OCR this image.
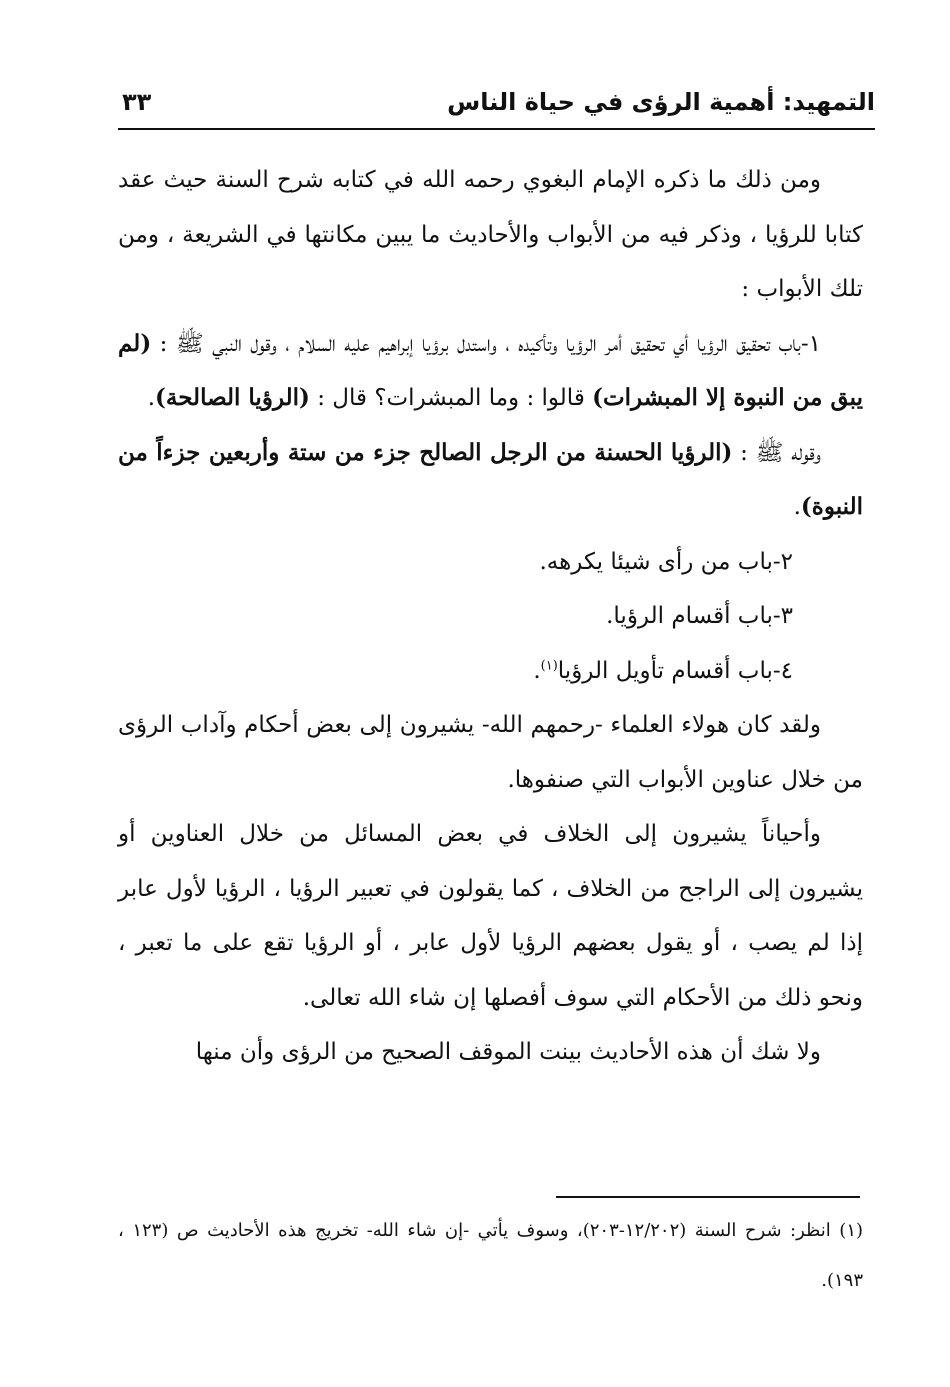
التمهيد: أهمية الرؤى في حياة الناس
٣٣

ومن ذلك ما ذكره الإمام البغوي رحمه الله في كتابه شرح السنة حيث عقد كتابا للرؤيا ، وذكر فيه من الأبواب والأحاديث ما يبين مكانتها في الشريعة ، ومن تلك الأبواب :

١-باب تحقيق الرؤيا أي تحقيق أمر الرؤيا وتأكيده ، واستدل برؤيا إبراهيم عليه السلام ، وقول النبي ﷺ : (لم يبق من النبوة إلا المبشرات) قالوا : وما المبشرات؟ قال : (الرؤيا الصالحة).

وقوله ﷺ : (الرؤيا الحسنة من الرجل الصالح جزء من ستة وأربعين جزءاً من النبوة).

٢-باب من رأى شيئا يكرهه.

٣-باب أقسام الرؤيا.

٤-باب أقسام تأويل الرؤيا$^{(١)}$.

ولقد كان هولاء العلماء -رحمهم الله- يشيرون إلى بعض أحكام وآداب الرؤى من خلال عناوين الأبواب التي صنفوها.

وأحياناً يشيرون إلى الخلاف في بعض المسائل من خلال العناوين أو يشيرون إلى الراجح من الخلاف ، كما يقولون في تعبير الرؤيا ، الرؤيا لأول عابر إذا لم يصب ، أو يقول بعضهم الرؤيا لأول عابر ، أو الرؤيا تقع على ما تعبر ، ونحو ذلك من الأحكام التي سوف أفصلها إن شاء الله تعالى.

ولا شك أن هذه الأحاديث بينت الموقف الصحيح من الرؤى وأن منها

(١) انظر: شرح السنة (١٢/٢٠٢-٢٠٣)، وسوف يأتي -إن شاء الله- تخريج هذه الأحاديث ص (١٢٣ ، ١٩٣).
